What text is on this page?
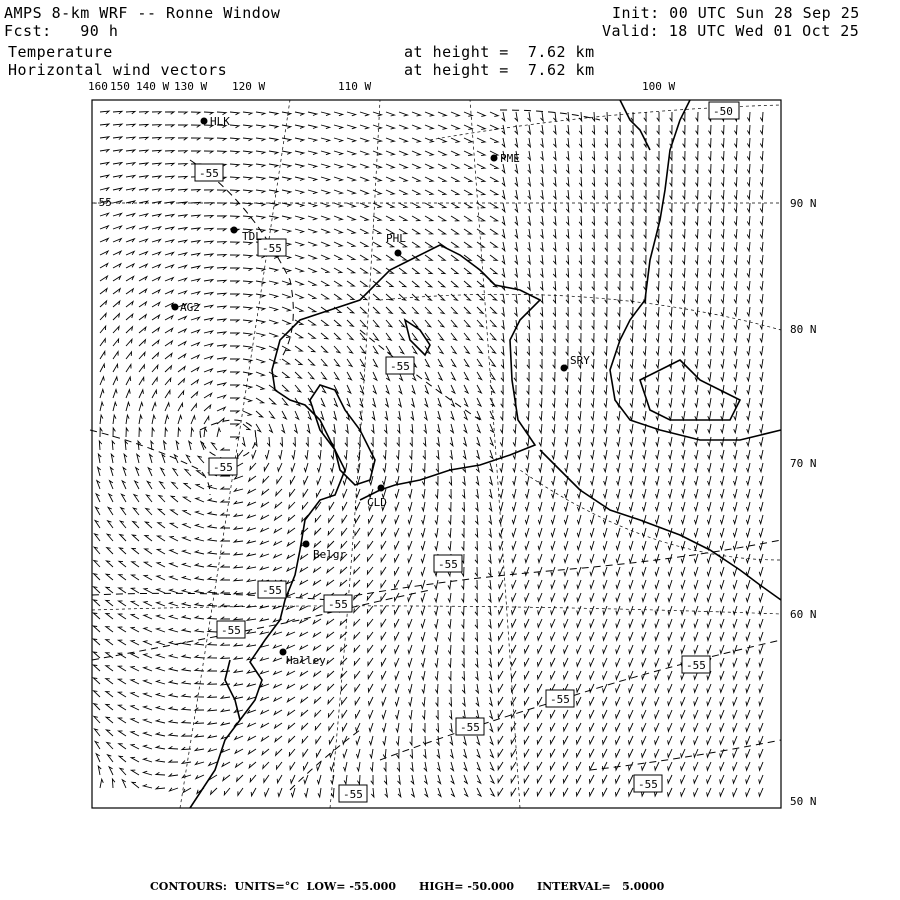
AMPS 8-km WRF -- Ronne Window
Fcst:   90 h
Init: 00 UTC Sun 28 Sep 25
Valid: 18 UTC Wed 01 Oct 25
Temperature
Horizontal wind vectors
at height =  7.62 km
at height =  7.62 km
160 150 140 W 130 W 120 W	110 W	100 W
90 N
80 N
70 N
60 N
50 N
HLK
PME
TDL	PHL
AG2
SRY
CLD
Belgr
Halley
-50
-55
-55
-55
-55
-55
-55
-55
-55
-55
-55
-55
-55
-55
-55
CONTOURS:  UNITS=°C  LOW= -55.000      HIGH= -50.000      INTERVAL=   5.0000
